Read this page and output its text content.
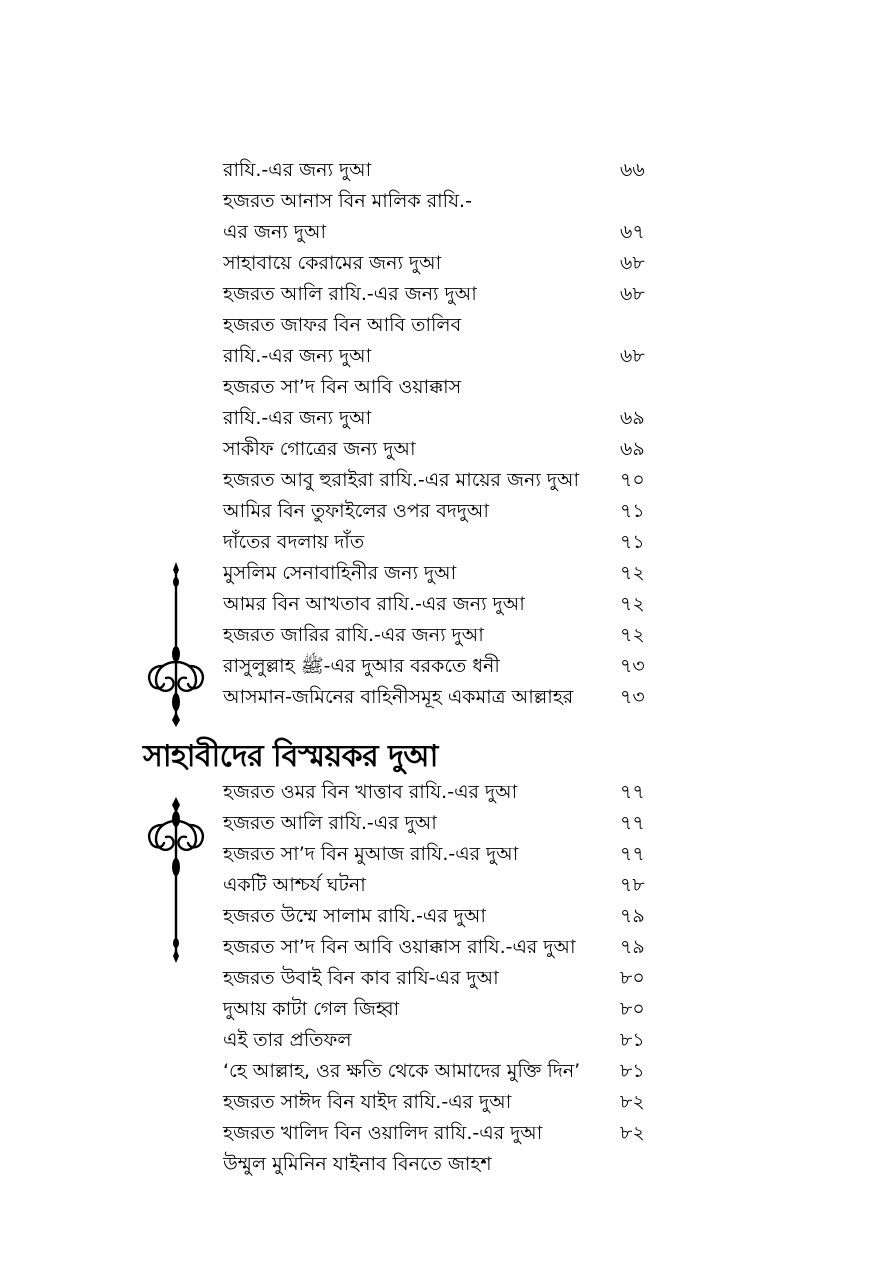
রাযি.-এর জন্য দুআ	৬৬
হজরত আনাস বিন মালিক রাযি.-
এর জন্য দুআ	৬৭
সাহাবায়ে কেরামের জন্য দুআ	৬৮
হজরত আলি রাযি.-এর জন্য দুআ	৬৮
হজরত জাফর বিন আবি তালিব
রাযি.-এর জন্য দুআ	৬৮
হজরত সা’দ বিন আবি ওয়াক্কাস
রাযি.-এর জন্য দুআ	৬৯
সাকীফ গোত্রের জন্য দুআ	৬৯
হজরত আবু হুরাইরা রাযি.-এর মায়ের জন্য দুআ ৭০
আমির বিন তুফাইলের ওপর বদদুআ	৭১
দাঁতের বদলায় দাঁত	৭১
মুসলিম সেনাবাহিনীর জন্য দুআ	৭২
আমর বিন আখতাব রাযি.-এর জন্য দুআ	৭২
হজরত জারির রাযি.-এর জন্য দুআ	৭২
রাসুলুল্লাহ ﷺ-এর দুআর বরকতে ধনী	৭৩
আসমান-জমিনের বাহিনীসমূহ একমাত্র আল্লাহর ৭৩
সাহাবীদের বিস্ময়কর দুআ
হজরত ওমর বিন খাত্তাব রাযি.-এর দুআ	৭৭
হজরত আলি রাযি.-এর দুআ	৭৭
হজরত সা’দ বিন মুআজ রাযি.-এর দুআ	৭৭
একটি আশ্চর্য ঘটনা	৭৮
হজরত উম্মে সালাম রাযি.-এর দুআ	৭৯
হজরত সা’দ বিন আবি ওয়াক্কাস রাযি.-এর দুআ ৭৯
হজরত উবাই বিন কাব রাযি-এর দুআ	৮০
দুআয় কাটা গেল জিহ্বা	৮০
এই তার প্রতিফল	৮১
‘হে আল্লাহ, ওর ক্ষতি থেকে আমাদের মুক্তি দিন’ ৮১
হজরত সাঈদ বিন যাইদ রাযি.-এর দুআ	৮২
হজরত খালিদ বিন ওয়ালিদ রাযি.-এর দুআ	৮২
উম্মুল মুমিনিন যাইনাব বিনতে জাহশ
